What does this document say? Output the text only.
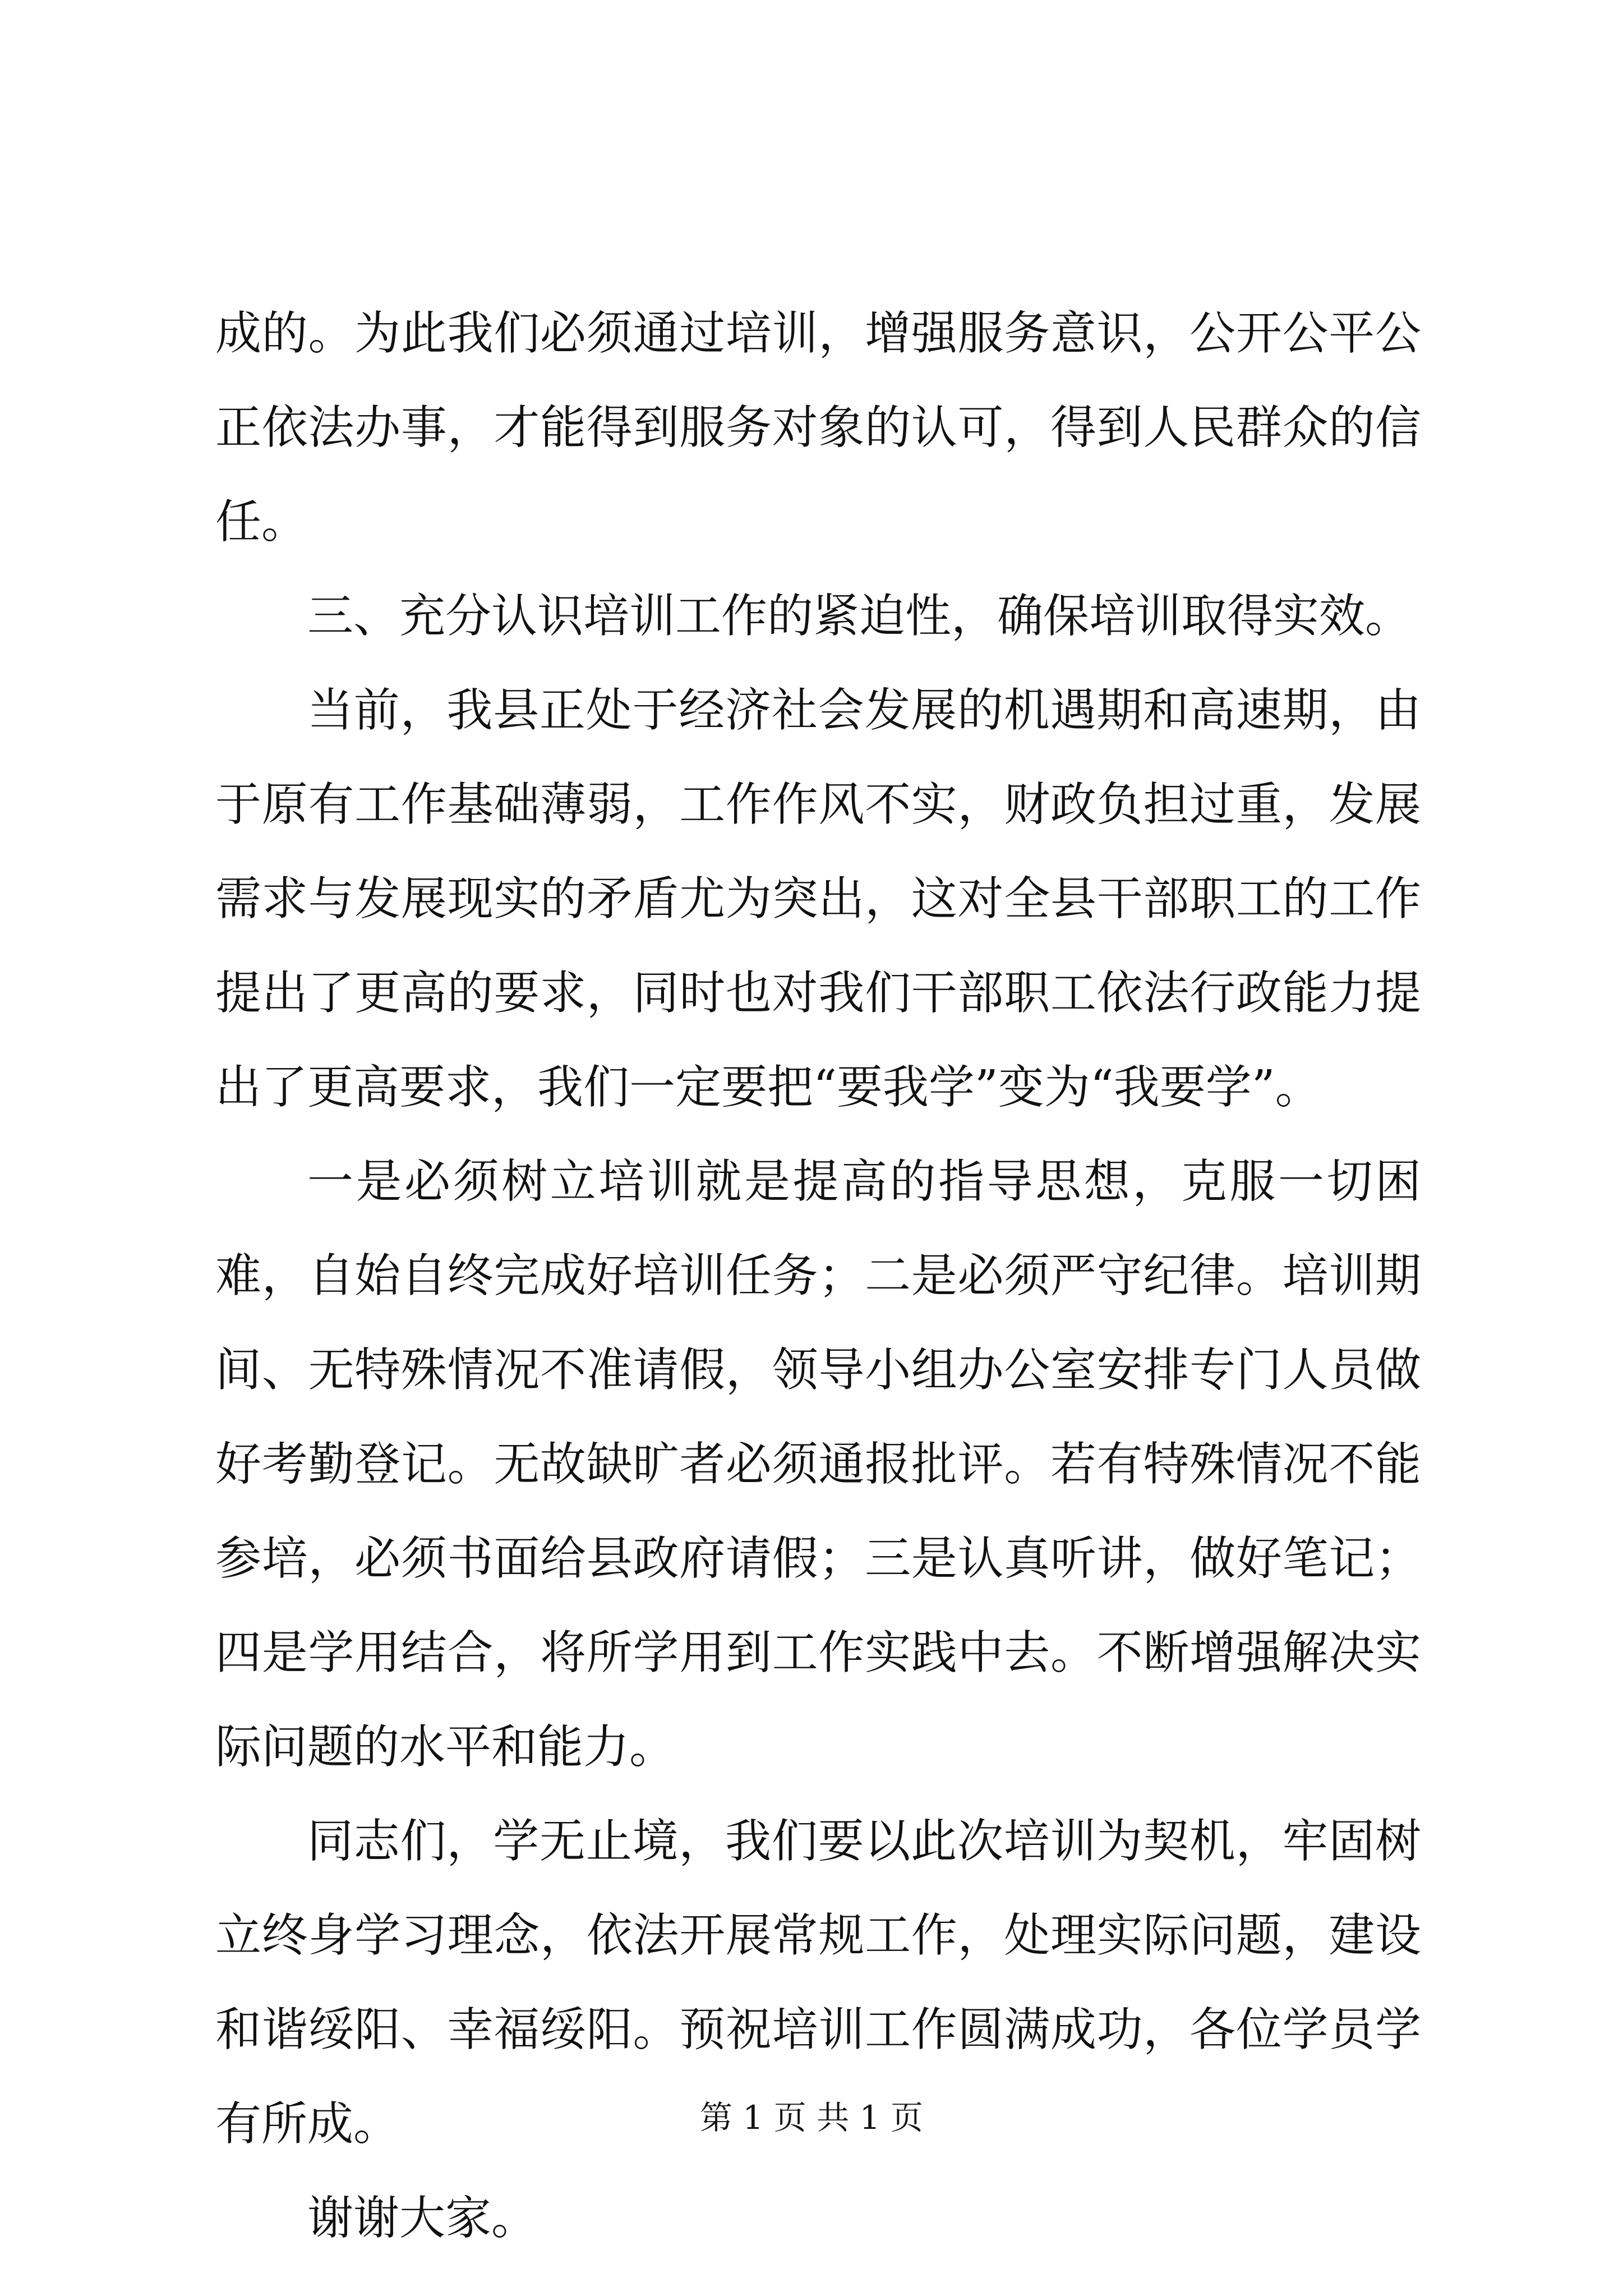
成的。为此我们必须通过培训，增强服务意识，公开公平公正依法办事，才能得到服务对象的认可，得到人民群众的信任。

三、充分认识培训工作的紧迫性，确保培训取得实效。

当前，我县正处于经济社会发展的机遇期和高速期，由于原有工作基础薄弱，工作作风不实，财政负担过重，发展需求与发展现实的矛盾尤为突出，这对全县干部职工的工作提出了更高的要求，同时也对我们干部职工依法行政能力提出了更高要求，我们一定要把“要我学”变为“我要学”。

一是必须树立培训就是提高的指导思想，克服一切困难，自始自终完成好培训任务；二是必须严守纪律。培训期间、无特殊情况不准请假，领导小组办公室安排专门人员做好考勤登记。无故缺旷者必须通报批评。若有特殊情况不能参培，必须书面给县政府请假；三是认真听讲，做好笔记；四是学用结合，将所学用到工作实践中去。不断增强解决实际问题的水平和能力。

同志们，学无止境，我们要以此次培训为契机，牢固树立终身学习理念，依法开展常规工作，处理实际问题，建设和谐绥阳、幸福绥阳。预祝培训工作圆满成功，各位学员学有所成。

谢谢大家。

第 1 页 共 1 页
